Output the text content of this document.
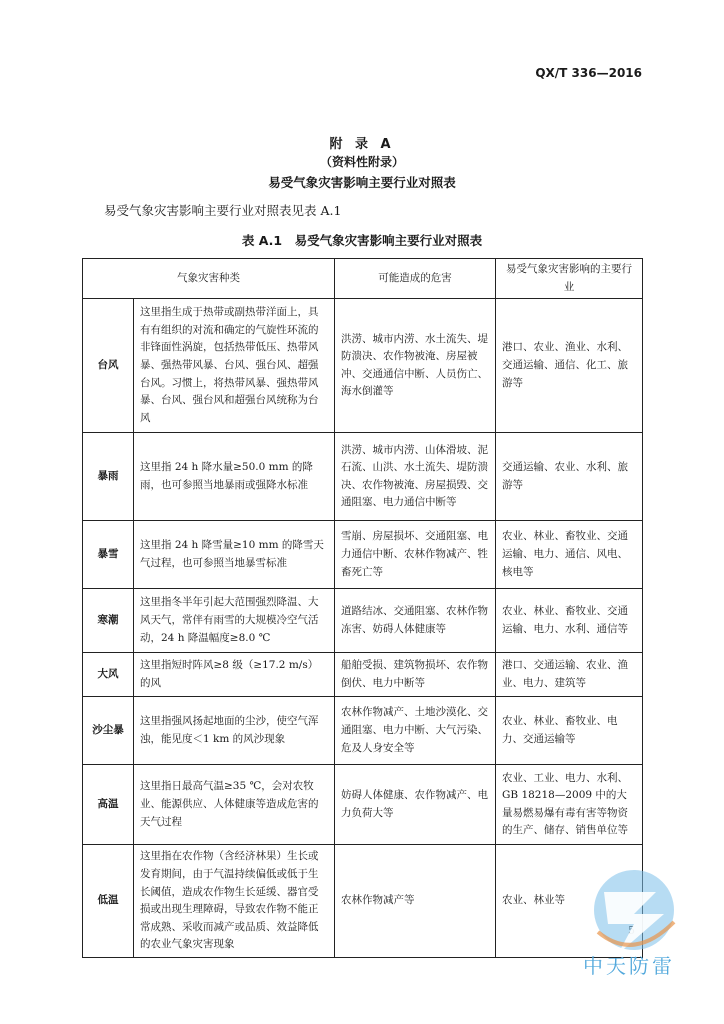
QX/T 336—2016
附 录 A
（资料性附录）
易受气象灾害影响主要行业对照表
易受气象灾害影响主要行业对照表见表 A.1
表 A.1　易受气象灾害影响主要行业对照表
气象灾害种类		可能造成的危害	易受气象灾害影响的主要行业
台风	这里指生成于热带或副热带洋面上，具有有组织的对流和确定的气旋性环流的非锋面性涡旋，包括热带低压、热带风暴、强热带风暴、台风、强台风、超强台风。习惯上，将热带风暴、强热带风暴、台风、强台风和超强台风统称为台风	洪涝、城市内涝、水土流失、堤防溃决、农作物被淹、房屋被冲、交通通信中断、人员伤亡、海水倒灌等	港口、农业、渔业、水利、交通运输、通信、化工、旅游等
暴雨	这里指 24 h 降水量≥50.0 mm 的降雨，也可参照当地暴雨或强降水标准	洪涝、城市内涝、山体滑坡、泥石流、山洪、水土流失、堤防溃决、农作物被淹、房屋损毁、交通阻塞、电力通信中断等	交通运输、农业、水利、旅游等
暴雪	这里指 24 h 降雪量≥10 mm 的降雪天气过程，也可参照当地暴雪标准	雪崩、房屋损坏、交通阻塞、电力通信中断、农林作物减产、牲畜死亡等	农业、林业、畜牧业、交通运输、电力、通信、风电、核电等
寒潮	这里指冬半年引起大范围强烈降温、大风天气，常伴有雨雪的大规模冷空气活动，24 h 降温幅度≥8.0 ℃	道路结冰、交通阻塞、农林作物冻害、妨碍人体健康等	农业、林业、畜牧业、交通运输、电力、水利、通信等
大风	这里指短时阵风≥8 级（≥17.2 m/s）的风	船舶受损、建筑物损坏、农作物倒伏、电力中断等	港口、交通运输、农业、渔业、电力、建筑等
沙尘暴	这里指强风扬起地面的尘沙，使空气浑浊，能见度＜1 km 的风沙现象	农林作物减产、土地沙漠化、交通阻塞、电力中断、大气污染、危及人身安全等	农业、林业、畜牧业、电力、交通运输等
高温	这里指日最高气温≥35 ℃，会对农牧业、能源供应、人体健康等造成危害的天气过程	妨碍人体健康、农作物减产、电力负荷大等	农业、工业、电力、水利、GB 18218—2009 中的大量易燃易爆有毒有害等物资的生产、储存、销售单位等
低温	这里指在农作物（含经济林果）生长或发育期间，由于气温持续偏低或低于生长阈值，造成农作物生长延缓、器官受损或出现生理障碍，导致农作物不能正常成熟、采收而减产或品质、效益降低的农业气象灾害现象	农林作物减产等	农业、林业等
中天防雷
